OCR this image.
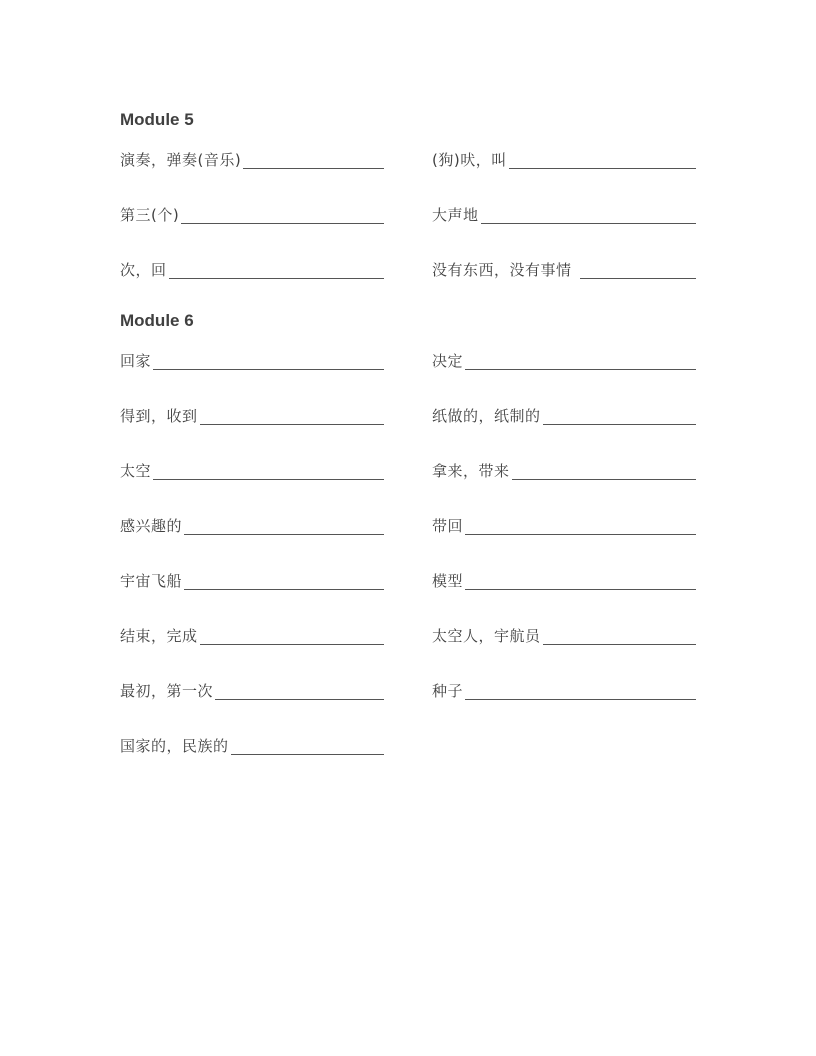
Module 5
演奏，弹奏(音乐)	(狗)吠，叫
第三(个)	大声地
次，回	没有东西，没有事情
Module 6
回家	决定
得到，收到	纸做的，纸制的
太空	拿来，带来
感兴趣的	带回
宇宙飞船	模型
结束，完成	太空人，宇航员
最初，第一次	种子
国家的，民族的
